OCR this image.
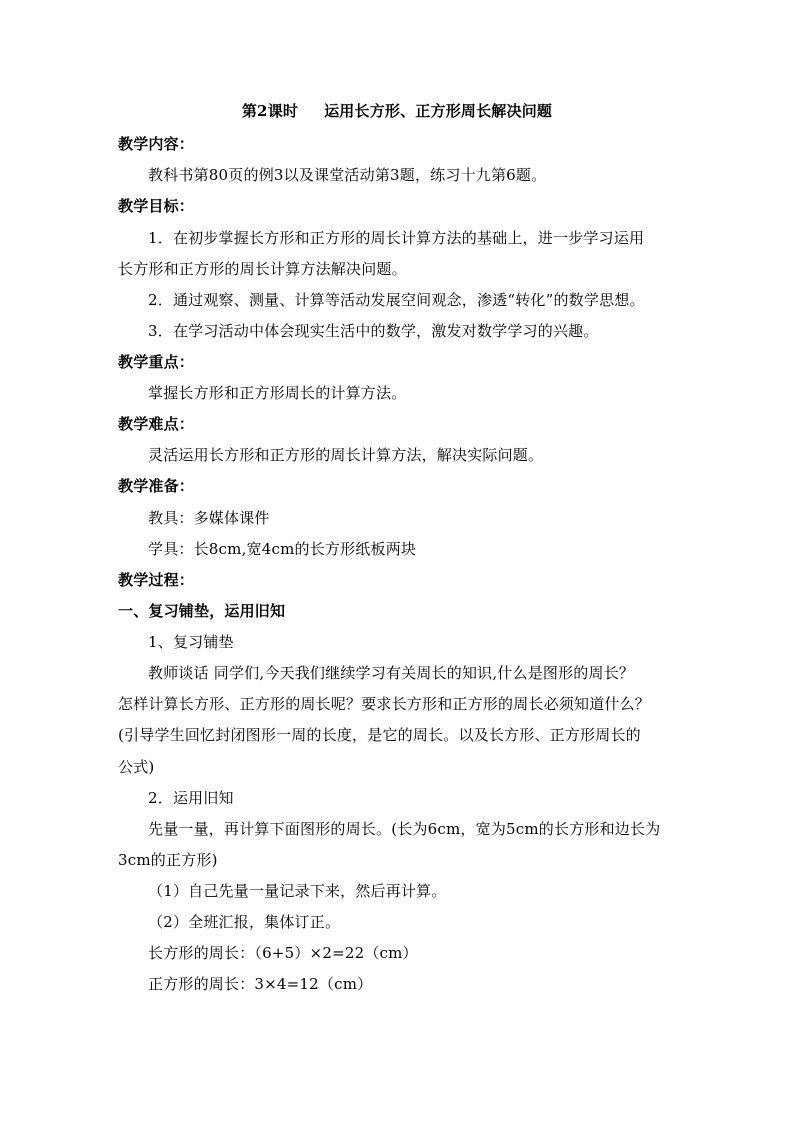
第2课时 运用长方形、正方形周长解决问题
教学内容：
教科书第80页的例3以及课堂活动第3题，练习十九第6题。
教学目标：
1．在初步掌握长方形和正方形的周长计算方法的基础上，进一步学习运用
长方形和正方形的周长计算方法解决问题。
2．通过观察、测量、计算等活动发展空间观念，渗透“转化”的数学思想。
3．在学习活动中体会现实生活中的数学，激发对数学学习的兴趣。
教学重点：
掌握长方形和正方形周长的计算方法。
教学难点：
灵活运用长方形和正方形的周长计算方法，解决实际问题。
教学准备：
教具：多媒体课件
学具：长8cm,宽4cm的长方形纸板两块
教学过程：
一、复习铺垫，运用旧知
1、复习铺垫
教师谈话 同学们,今天我们继续学习有关周长的知识,什么是图形的周长？
怎样计算长方形、正方形的周长呢？要求长方形和正方形的周长必须知道什么？
(引导学生回忆封闭图形一周的长度，是它的周长。以及长方形、正方形周长的
公式)
2．运用旧知
先量一量，再计算下面图形的周长。(长为6cm，宽为5cm的长方形和边长为
3cm的正方形)
（1）自己先量一量记录下来，然后再计算。
（2）全班汇报，集体订正。
长方形的周长：（6+5）×2=22（cm）
正方形的周长：3×4=12（cm）
